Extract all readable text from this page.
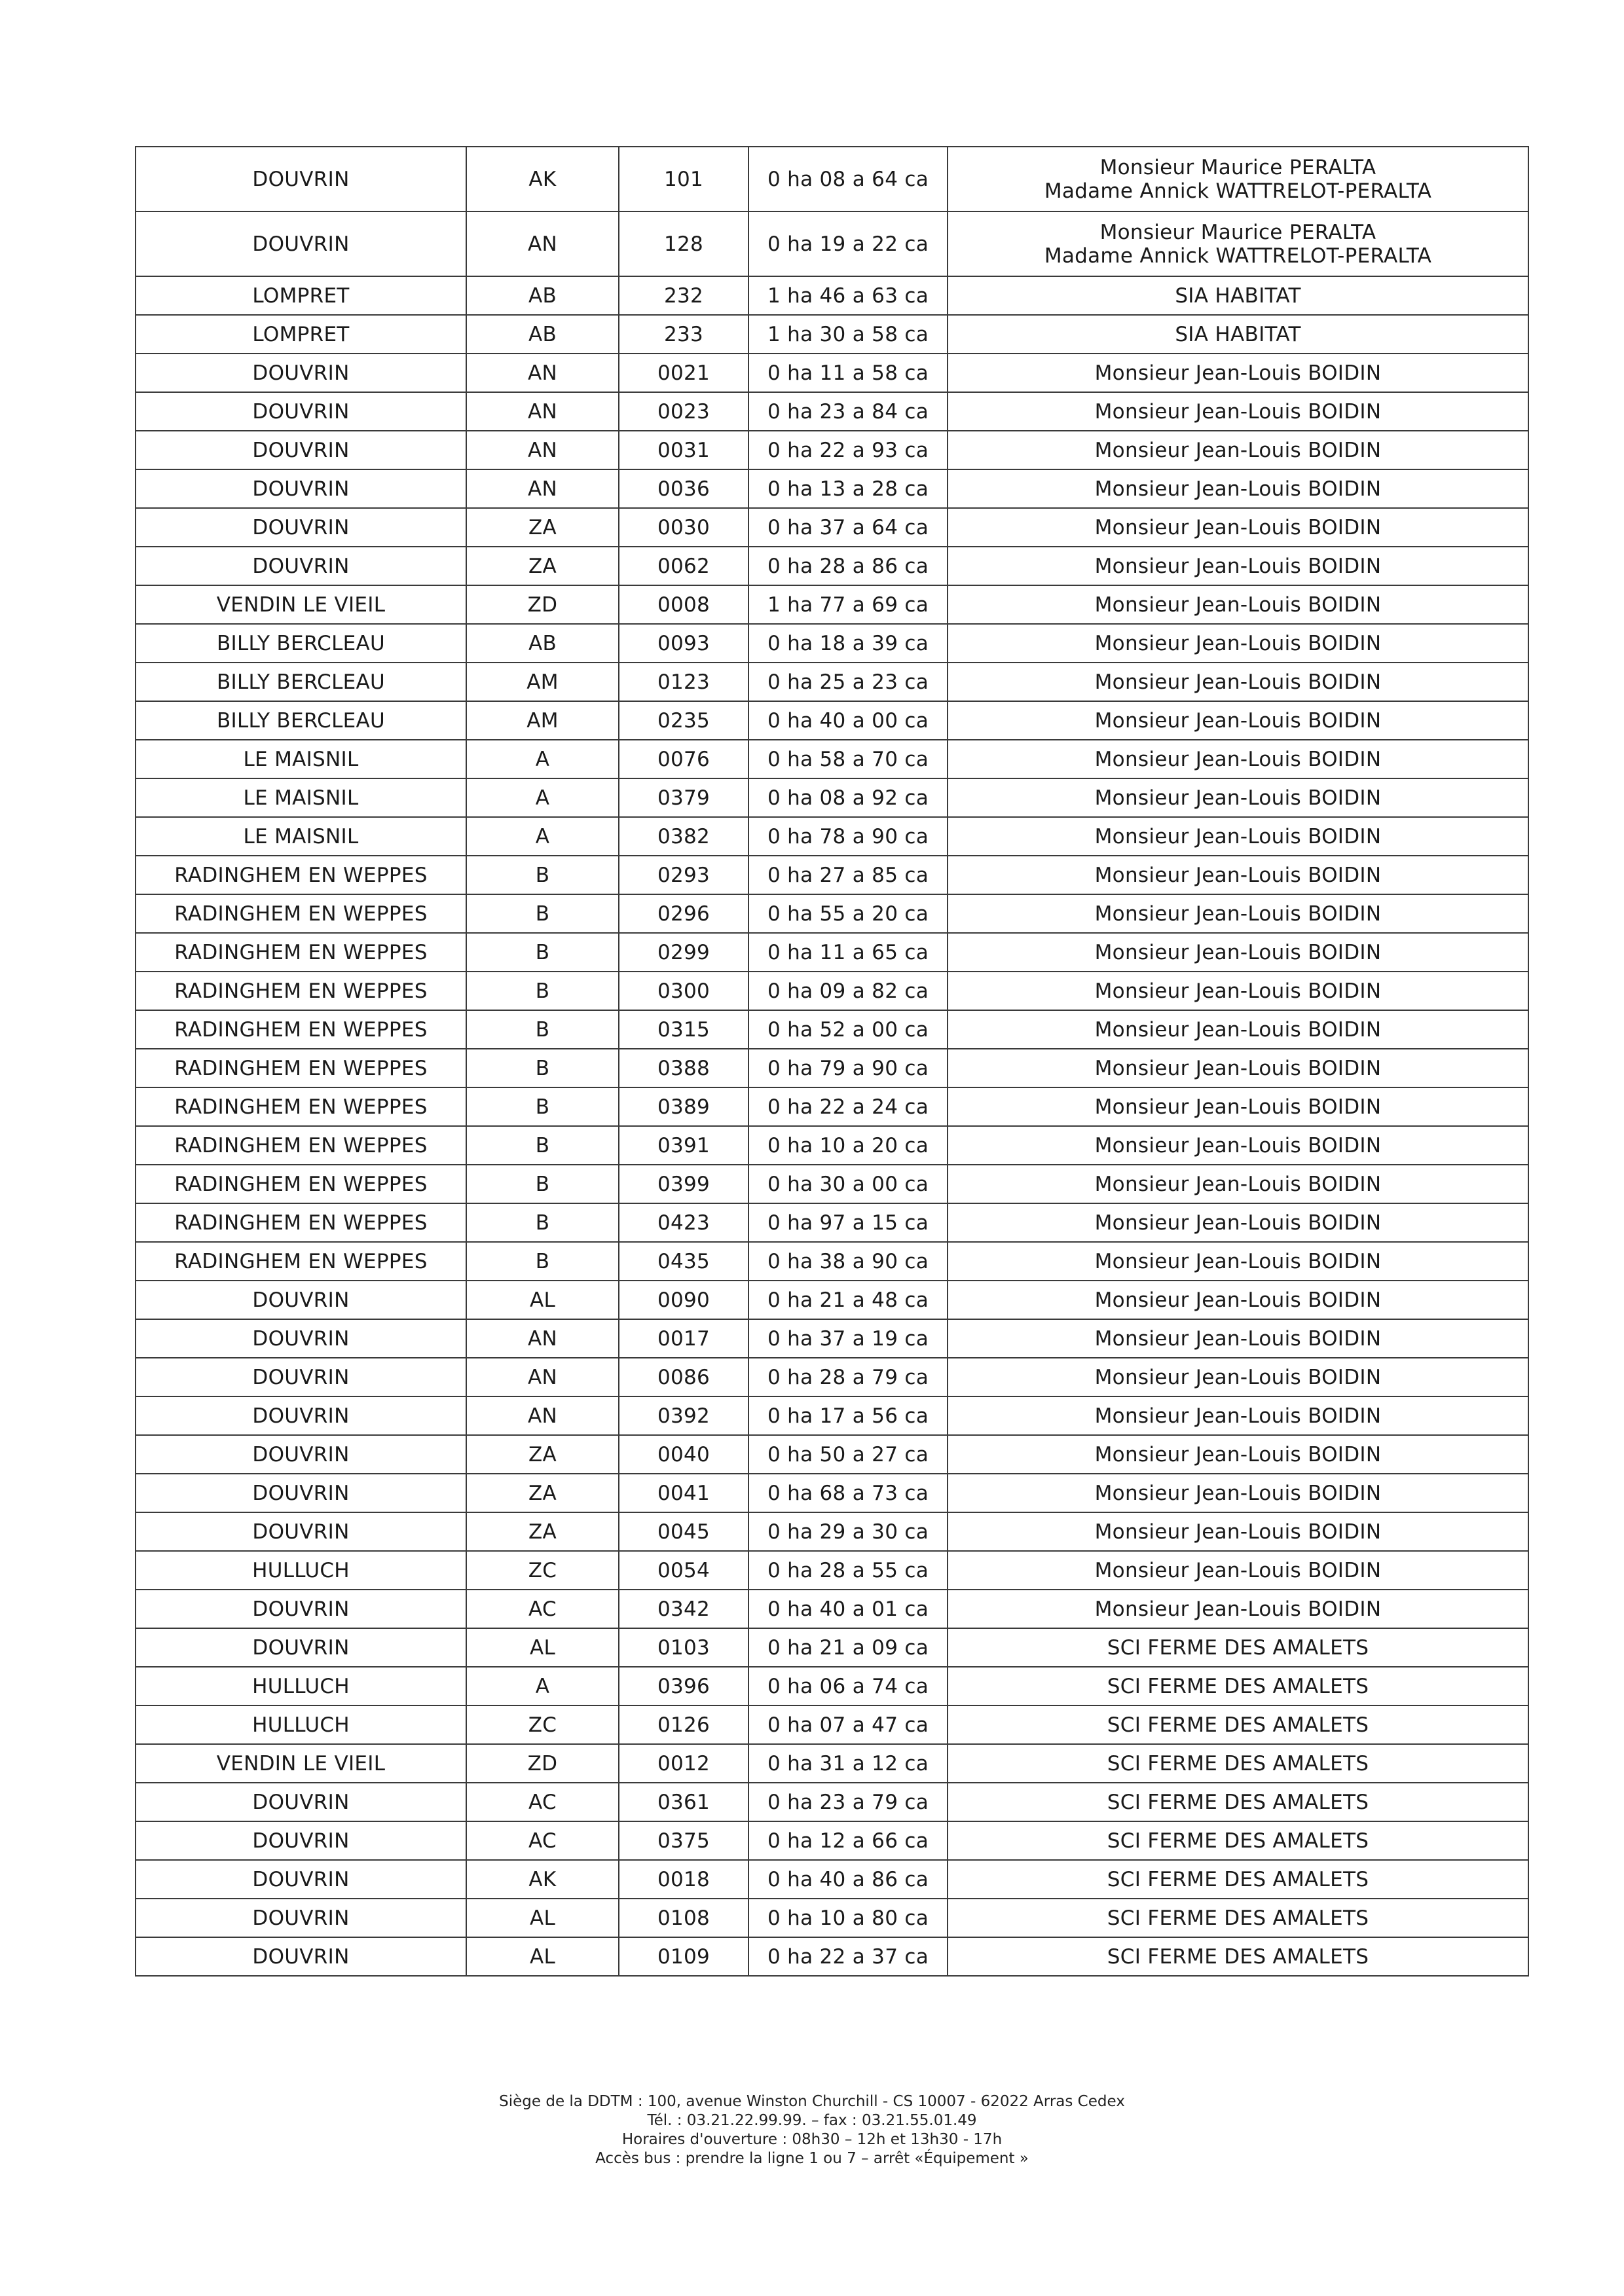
DOUVRIN	AK	101	0 ha 08 a 64 ca	Monsieur Maurice PERALTA
Madame Annick WATTRELOT-PERALTA

DOUVRIN	AN	128	0 ha 19 a 22 ca	Monsieur Maurice PERALTA
Madame Annick WATTRELOT-PERALTA

LOMPRET	AB	232	1 ha 46 a 63 ca	SIA HABITAT

LOMPRET	AB	233	1 ha 30 a 58 ca	SIA HABITAT

DOUVRIN	AN	0021	0 ha 11 a 58 ca	Monsieur Jean-Louis BOIDIN

DOUVRIN	AN	0023	0 ha 23 a 84 ca	Monsieur Jean-Louis BOIDIN

DOUVRIN	AN	0031	0 ha 22 a 93 ca	Monsieur Jean-Louis BOIDIN

DOUVRIN	AN	0036	0 ha 13 a 28 ca	Monsieur Jean-Louis BOIDIN

DOUVRIN	ZA	0030	0 ha 37 a 64 ca	Monsieur Jean-Louis BOIDIN

DOUVRIN	ZA	0062	0 ha 28 a 86 ca	Monsieur Jean-Louis BOIDIN

VENDIN LE VIEIL	ZD	0008	1 ha 77 a 69 ca	Monsieur Jean-Louis BOIDIN

BILLY BERCLEAU	AB	0093	0 ha 18 a 39 ca	Monsieur Jean-Louis BOIDIN

BILLY BERCLEAU	AM	0123	0 ha 25 a 23 ca	Monsieur Jean-Louis BOIDIN

BILLY BERCLEAU	AM	0235	0 ha 40 a 00 ca	Monsieur Jean-Louis BOIDIN

LE MAISNIL	A	0076	0 ha 58 a 70 ca	Monsieur Jean-Louis BOIDIN

LE MAISNIL	A	0379	0 ha 08 a 92 ca	Monsieur Jean-Louis BOIDIN

LE MAISNIL	A	0382	0 ha 78 a 90 ca	Monsieur Jean-Louis BOIDIN

RADINGHEM EN WEPPES	B	0293	0 ha 27 a 85 ca	Monsieur Jean-Louis BOIDIN

RADINGHEM EN WEPPES	B	0296	0 ha 55 a 20 ca	Monsieur Jean-Louis BOIDIN

RADINGHEM EN WEPPES	B	0299	0 ha 11 a 65 ca	Monsieur Jean-Louis BOIDIN

RADINGHEM EN WEPPES	B	0300	0 ha 09 a 82 ca	Monsieur Jean-Louis BOIDIN

RADINGHEM EN WEPPES	B	0315	0 ha 52 a 00 ca	Monsieur Jean-Louis BOIDIN

RADINGHEM EN WEPPES	B	0388	0 ha 79 a 90 ca	Monsieur Jean-Louis BOIDIN

RADINGHEM EN WEPPES	B	0389	0 ha 22 a 24 ca	Monsieur Jean-Louis BOIDIN

RADINGHEM EN WEPPES	B	0391	0 ha 10 a 20 ca	Monsieur Jean-Louis BOIDIN

RADINGHEM EN WEPPES	B	0399	0 ha 30 a 00 ca	Monsieur Jean-Louis BOIDIN

RADINGHEM EN WEPPES	B	0423	0 ha 97 a 15 ca	Monsieur Jean-Louis BOIDIN

RADINGHEM EN WEPPES	B	0435	0 ha 38 a 90 ca	Monsieur Jean-Louis BOIDIN

DOUVRIN	AL	0090	0 ha 21 a 48 ca	Monsieur Jean-Louis BOIDIN

DOUVRIN	AN	0017	0 ha 37 a 19 ca	Monsieur Jean-Louis BOIDIN

DOUVRIN	AN	0086	0 ha 28 a 79 ca	Monsieur Jean-Louis BOIDIN

DOUVRIN	AN	0392	0 ha 17 a 56 ca	Monsieur Jean-Louis BOIDIN

DOUVRIN	ZA	0040	0 ha 50 a 27 ca	Monsieur Jean-Louis BOIDIN

DOUVRIN	ZA	0041	0 ha 68 a 73 ca	Monsieur Jean-Louis BOIDIN

DOUVRIN	ZA	0045	0 ha 29 a 30 ca	Monsieur Jean-Louis BOIDIN

HULLUCH	ZC	0054	0 ha 28 a 55 ca	Monsieur Jean-Louis BOIDIN

DOUVRIN	AC	0342	0 ha 40 a 01 ca	Monsieur Jean-Louis BOIDIN

DOUVRIN	AL	0103	0 ha 21 a 09 ca	SCI FERME DES AMALETS

HULLUCH	A	0396	0 ha 06 a 74 ca	SCI FERME DES AMALETS

HULLUCH	ZC	0126	0 ha 07 a 47 ca	SCI FERME DES AMALETS

VENDIN LE VIEIL	ZD	0012	0 ha 31 a 12 ca	SCI FERME DES AMALETS

DOUVRIN	AC	0361	0 ha 23 a 79 ca	SCI FERME DES AMALETS

DOUVRIN	AC	0375	0 ha 12 a 66 ca	SCI FERME DES AMALETS

DOUVRIN	AK	0018	0 ha 40 a 86 ca	SCI FERME DES AMALETS

DOUVRIN	AL	0108	0 ha 10 a 80 ca	SCI FERME DES AMALETS

DOUVRIN	AL	0109	0 ha 22 a 37 ca	SCI FERME DES AMALETS
Siège de la DDTM : 100, avenue Winston Churchill - CS 10007 - 62022 Arras Cedex
Tél. : 03.21.22.99.99. – fax : 03.21.55.01.49
Horaires d'ouverture : 08h30 – 12h et 13h30 - 17h
Accès bus : prendre la ligne 1 ou 7 – arrêt «Équipement »
